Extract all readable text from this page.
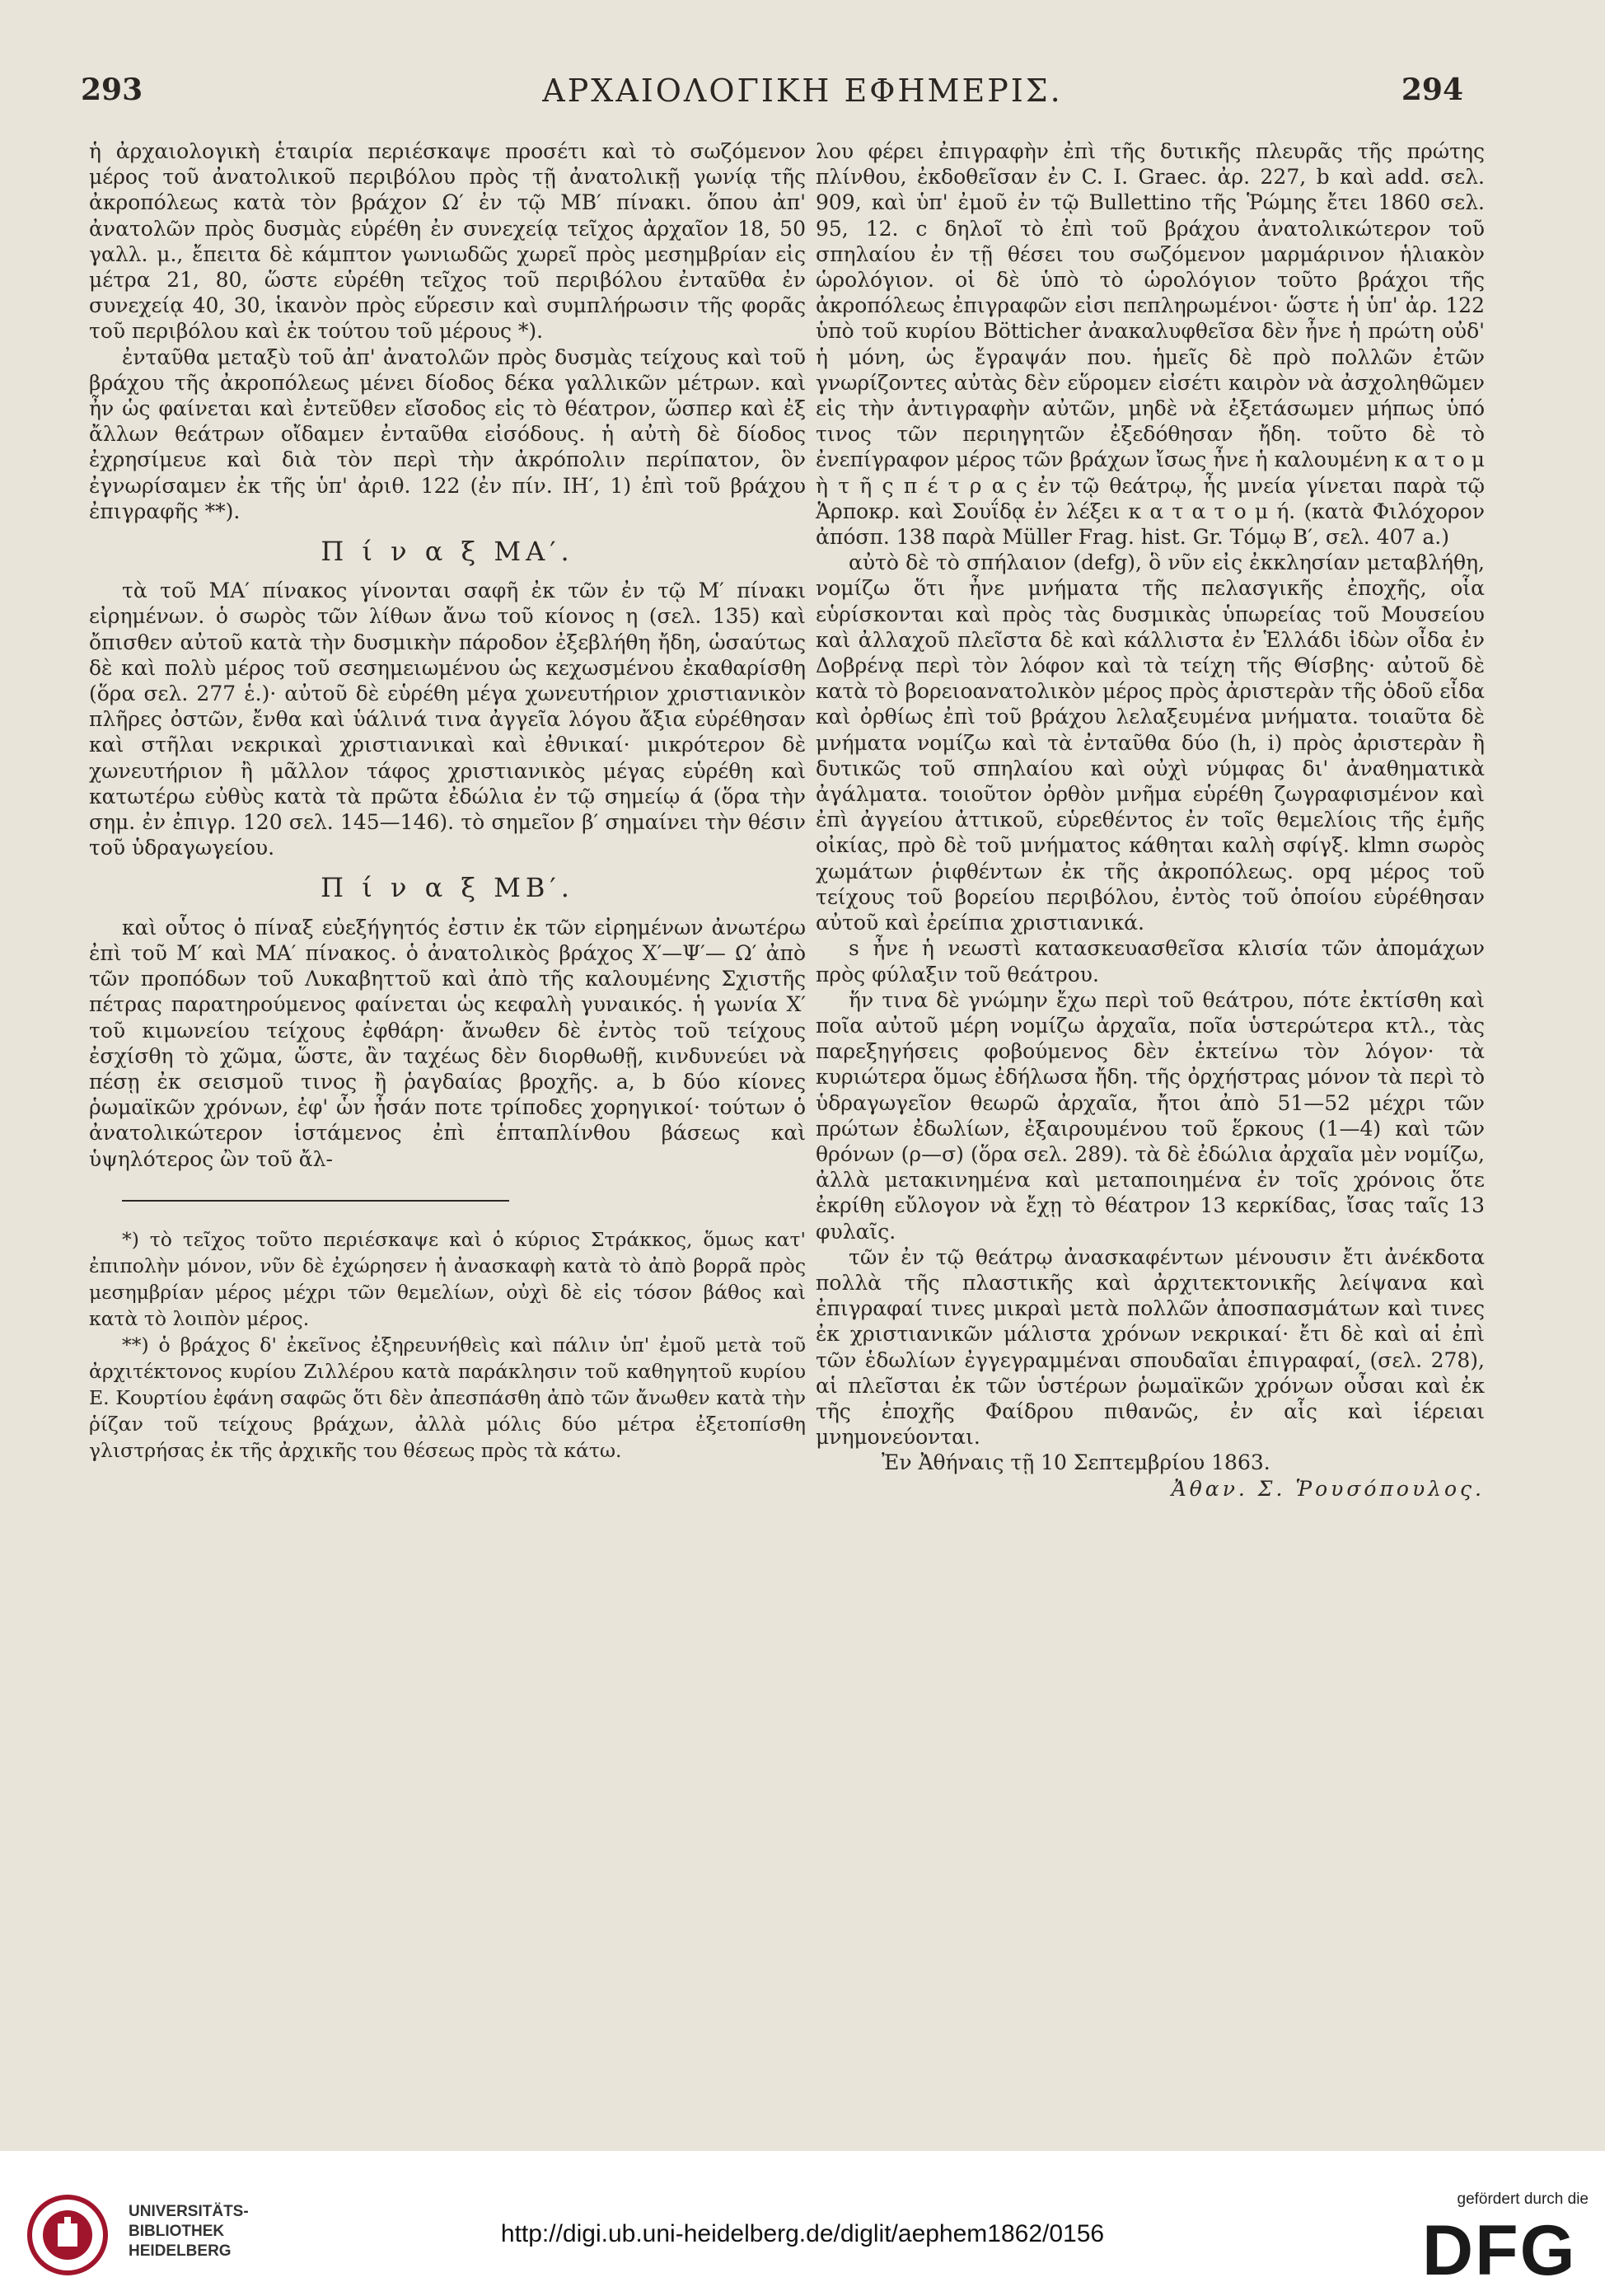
293	ΑΡΧΑΙΟΛΟΓΙΚΗ ΕΦΗΜΕΡΙΣ.	294

ἡ ἀρχαιολογικὴ ἑταιρία περιέσκαψε προσέτι καὶ τὸ σωζόμενον μέρος τοῦ ἀνατολικοῦ περιβόλου πρὸς τῇ ἀνατολικῇ γωνίᾳ τῆς ἀκροπόλεως κατὰ τὸν βράχον Ω′ ἐν τῷ ΜΒ′ πίνακι. ὅπου ἀπ' ἀνατολῶν πρὸς δυσμὰς εὑρέθη ἐν συνεχείᾳ τεῖχος ἀρχαῖον 18, 50 γαλλ. μ., ἔπειτα δὲ κάμπτον γωνιωδῶς χωρεῖ πρὸς μεσημβρίαν εἰς μέτρα 21, 80, ὥστε εὑρέθη τεῖχος τοῦ περιβόλου ἐνταῦθα ἐν συνεχείᾳ 40, 30, ἱκανὸν πρὸς εὕρεσιν καὶ συμπλήρωσιν τῆς φορᾶς τοῦ περιβόλου καὶ ἐκ τούτου τοῦ μέρους *).

ἐνταῦθα μεταξὺ τοῦ ἀπ' ἀνατολῶν πρὸς δυσμὰς τείχους καὶ τοῦ βράχου τῆς ἀκροπόλεως μένει δίοδος δέκα γαλλικῶν μέτρων. καὶ ἦν ὡς φαίνεται καὶ ἐντεῦθεν εἴσοδος εἰς τὸ θέατρον, ὥσπερ καὶ ἐξ ἄλλων θεάτρων οἴδαμεν ἐνταῦθα εἰσόδους. ἡ αὐτὴ δὲ δίοδος ἐχρησίμευε καὶ διὰ τὸν περὶ τὴν ἀκρόπολιν περίπατον, ὃν ἐγνωρίσαμεν ἐκ τῆς ὑπ' ἀριθ. 122 (ἐν πίν. ΙΗ′, 1) ἐπὶ τοῦ βράχου ἐπιγραφῆς **).

Π ί ν α ξ ΜΑ′.

τὰ τοῦ ΜΑ′ πίνακος γίνονται σαφῆ ἐκ τῶν ἐν τῷ Μ′ πίνακι εἰρημένων. ὁ σωρὸς τῶν λίθων ἄνω τοῦ κίονος η (σελ. 135) καὶ ὄπισθεν αὐτοῦ κατὰ τὴν δυσμικὴν πάροδον ἐξεβλήθη ἤδη, ὡσαύτως δὲ καὶ πολὺ μέρος τοῦ σεσημειωμένου ὡς κεχωσμένου ἐκαθαρίσθη (ὅρα σελ. 277 ἑ.)· αὐτοῦ δὲ εὑρέθη μέγα χωνευτήριον χριστιανικὸν πλῆρες ὀστῶν, ἔνθα καὶ ὑάλινά τινα ἀγγεῖα λόγου ἄξια εὑρέθησαν καὶ στῆλαι νεκρικαὶ χριστιανικαὶ καὶ ἐθνικαί· μικρότερον δὲ χωνευτήριον ἢ μᾶλλον τάφος χριστιανικὸς μέγας εὑρέθη καὶ κατωτέρω εὐθὺς κατὰ τὰ πρῶτα ἐδώλια ἐν τῷ σημείῳ ά (ὅρα τὴν σημ. ἐν ἐπιγρ. 120 σελ. 145—146). τὸ σημεῖον β′ σημαίνει τὴν θέσιν τοῦ ὑδραγωγείου.

Π ί ν α ξ ΜΒ′.

καὶ οὗτος ὁ πίναξ εὐεξήγητός ἐστιν ἐκ τῶν εἰρημένων ἀνωτέρω ἐπὶ τοῦ Μ′ καὶ ΜΑ′ πίνακος. ὁ ἀνατολικὸς βράχος Χ′—Ψ′— Ω′ ἀπὸ τῶν προπόδων τοῦ Λυκαβηττοῦ καὶ ἀπὸ τῆς καλουμένης Σχιστῆς πέτρας παρατηρούμενος φαίνεται ὡς κεφαλὴ γυναικός. ἡ γωνία Χ′ τοῦ κιμωνείου τείχους ἐφθάρη· ἄνωθεν δὲ ἐντὸς τοῦ τείχους ἐσχίσθη τὸ χῶμα, ὥστε, ἂν ταχέως δὲν διορθωθῇ, κινδυνεύει νὰ πέσῃ ἐκ σεισμοῦ τινος ἢ ῥαγδαίας βροχῆς. a, b δύο κίονες ῥωμαϊκῶν χρόνων, ἐφ' ὧν ἦσάν ποτε τρίποδες χορηγικοί· τούτων ὁ ἀνατολικώτερον ἱστάμενος ἐπὶ ἑπταπλίνθου βάσεως καὶ ὑψηλότερος ὢν τοῦ ἄλ-

*) τὸ τεῖχος τοῦτο περιέσκαψε καὶ ὁ κύριος Στράκκος, ὅμως κατ' ἐπιπολὴν μόνον, νῦν δὲ ἐχώρησεν ἡ ἀνασκαφὴ κατὰ τὸ ἀπὸ βορρᾶ πρὸς μεσημβρίαν μέρος μέχρι τῶν θεμελίων, οὐχὶ δὲ εἰς τόσον βάθος καὶ κατὰ τὸ λοιπὸν μέρος.

**) ὁ βράχος δ' ἐκεῖνος ἐξηρευνήθεὶς καὶ πάλιν ὑπ' ἐμοῦ μετὰ τοῦ ἀρχιτέκτονος κυρίου Ζιλλέρου κατὰ παράκλησιν τοῦ καθηγητοῦ κυρίου Ε. Κουρτίου ἐφάνη σαφῶς ὅτι δὲν ἀπεσπάσθη ἀπὸ τῶν ἄνωθεν κατὰ τὴν ῥίζαν τοῦ τείχους βράχων, ἀλλὰ μόλις δύο μέτρα ἐξετοπίσθη γλιστρήσας ἐκ τῆς ἀρχικῆς του θέσεως πρὸς τὰ κάτω.

λου φέρει ἐπιγραφὴν ἐπὶ τῆς δυτικῆς πλευρᾶς τῆς πρώτης πλίνθου, ἐκδοθεῖσαν ἐν C. I. Graec. ἀρ. 227, b καὶ add. σελ. 909, καὶ ὑπ' ἐμοῦ ἐν τῷ Bullettino τῆς Ῥώμης ἔτει 1860 σελ. 95, 12. c δηλοῖ τὸ ἐπὶ τοῦ βράχου ἀνατολικώτερον τοῦ σπηλαίου ἐν τῇ θέσει του σωζόμενον μαρμάρινον ἡλιακὸν ὡρολόγιον. οἱ δὲ ὑπὸ τὸ ὡρολόγιον τοῦτο βράχοι τῆς ἀκροπόλεως ἐπιγραφῶν εἰσι πεπληρωμένοι· ὥστε ἡ ὑπ' ἀρ. 122 ὑπὸ τοῦ κυρίου Bötticher ἀνακαλυφθεῖσα δὲν ἦνε ἡ πρώτη οὐδ' ἡ μόνη, ὡς ἔγραψάν που. ἡμεῖς δὲ πρὸ πολλῶν ἐτῶν γνωρίζοντες αὐτὰς δὲν εὕρομεν εἰσέτι καιρὸν νὰ ἀσχοληθῶμεν εἰς τὴν ἀντιγραφὴν αὐτῶν, μηδὲ νὰ ἐξετάσωμεν μήπως ὑπό τινος τῶν περιηγητῶν ἐξεδόθησαν ἤδη. τοῦτο δὲ τὸ ἐνεπίγραφον μέρος τῶν βράχων ἴσως ἦνε ἡ καλουμένη κ α τ ο μ ὴ τ ῆ ς π έ τ ρ α ς ἐν τῷ θεάτρῳ, ἧς μνεία γίνεται παρὰ τῷ Ἁρποκρ. καὶ Σουΐδᾳ ἐν λέξει κ α τ α τ ο μ ή. (κατὰ Φιλόχορον ἀπόσπ. 138 παρὰ Müller Frag. hist. Gr. Τόμῳ Β′, σελ. 407 a.)

αὐτὸ δὲ τὸ σπήλαιον (defg), ὃ νῦν εἰς ἐκκλησίαν μεταβλήθη, νομίζω ὅτι ἦνε μνήματα τῆς πελασγικῆς ἐποχῆς, οἷα εὑρίσκονται καὶ πρὸς τὰς δυσμικὰς ὑπωρείας τοῦ Μουσείου καὶ ἀλλαχοῦ πλεῖστα δὲ καὶ κάλλιστα ἐν Ἑλλάδι ἰδὼν οἶδα ἐν Δοβρένᾳ περὶ τὸν λόφον καὶ τὰ τείχη τῆς Θίσβης· αὐτοῦ δὲ κατὰ τὸ βορειοανατολικὸν μέρος πρὸς ἀριστερὰν τῆς ὁδοῦ εἶδα καὶ ὀρθίως ἐπὶ τοῦ βράχου λελαξευμένα μνήματα. τοιαῦτα δὲ μνήματα νομίζω καὶ τὰ ἐνταῦθα δύο (h, i) πρὸς ἀριστερὰν ἢ δυτικῶς τοῦ σπηλαίου καὶ οὐχὶ νύμφας δι' ἀναθηματικὰ ἀγάλματα. τοιοῦτον ὀρθὸν μνῆμα εὑρέθη ζωγραφισμένον καὶ ἐπὶ ἀγγείου ἀττικοῦ, εὑρεθέντος ἐν τοῖς θεμελίοις τῆς ἐμῆς οἰκίας, πρὸ δὲ τοῦ μνήματος κάθηται καλὴ σφίγξ. klmn σωρὸς χωμάτων ῥιφθέντων ἐκ τῆς ἀκροπόλεως. opq μέρος τοῦ τείχους τοῦ βορείου περιβόλου, ἐντὸς τοῦ ὁποίου εὑρέθησαν αὐτοῦ καὶ ἐρείπια χριστιανικά.

s ἦνε ἡ νεωστὶ κατασκευασθεῖσα κλισία τῶν ἀπομάχων πρὸς φύλαξιν τοῦ θεάτρου.

ἥν τινα δὲ γνώμην ἔχω περὶ τοῦ θεάτρου, πότε ἐκτίσθη καὶ ποῖα αὐτοῦ μέρη νομίζω ἀρχαῖα, ποῖα ὑστερώτερα κτλ., τὰς παρεξηγήσεις φοβούμενος δὲν ἐκτείνω τὸν λόγον· τὰ κυριώτερα ὅμως ἐδήλωσα ἤδη. τῆς ὀρχήστρας μόνον τὰ περὶ τὸ ὑδραγωγεῖον θεωρῶ ἀρχαῖα, ἤτοι ἀπὸ 51—52 μέχρι τῶν πρώτων ἐδωλίων, ἐξαιρουμένου τοῦ ἕρκους (1—4) καὶ τῶν θρόνων (ρ—σ) (ὅρα σελ. 289). τὰ δὲ ἐδώλια ἀρχαῖα μὲν νομίζω, ἀλλὰ μετακινημένα καὶ μεταποιημένα ἐν τοῖς χρόνοις ὅτε ἐκρίθη εὔλογον νὰ ἔχῃ τὸ θέατρον 13 κερκίδας, ἴσας ταῖς 13 φυλαῖς.

τῶν ἐν τῷ θεάτρῳ ἀνασκαφέντων μένουσιν ἔτι ἀνέκδοτα πολλὰ τῆς πλαστικῆς καὶ ἀρχιτεκτονικῆς λείψανα καὶ ἐπιγραφαί τινες μικραὶ μετὰ πολλῶν ἀποσπασμάτων καὶ τινες ἐκ χριστιανικῶν μάλιστα χρόνων νεκρικαί· ἔτι δὲ καὶ αἱ ἐπὶ τῶν ἑδωλίων ἐγγεγραμμέναι σπουδαῖαι ἐπιγραφαί, (σελ. 278), αἱ πλεῖσται ἐκ τῶν ὑστέρων ῥωμαϊκῶν χρόνων οὖσαι καὶ ἐκ τῆς ἐποχῆς Φαίδρου πιθανῶς, ἐν αἷς καὶ ἱέρειαι μνημονεύονται.

Ἐν Ἀθήναις τῇ 10 Σεπτεμβρίου 1863.

Ἀθαν. Σ. Ῥουσόπουλος.

UNIVERSITÄTS-
BIBLIOTHEK
HEIDELBERG
http://digi.ub.uni-heidelberg.de/diglit/aephem1862/0156
gefördert durch die
DFG
